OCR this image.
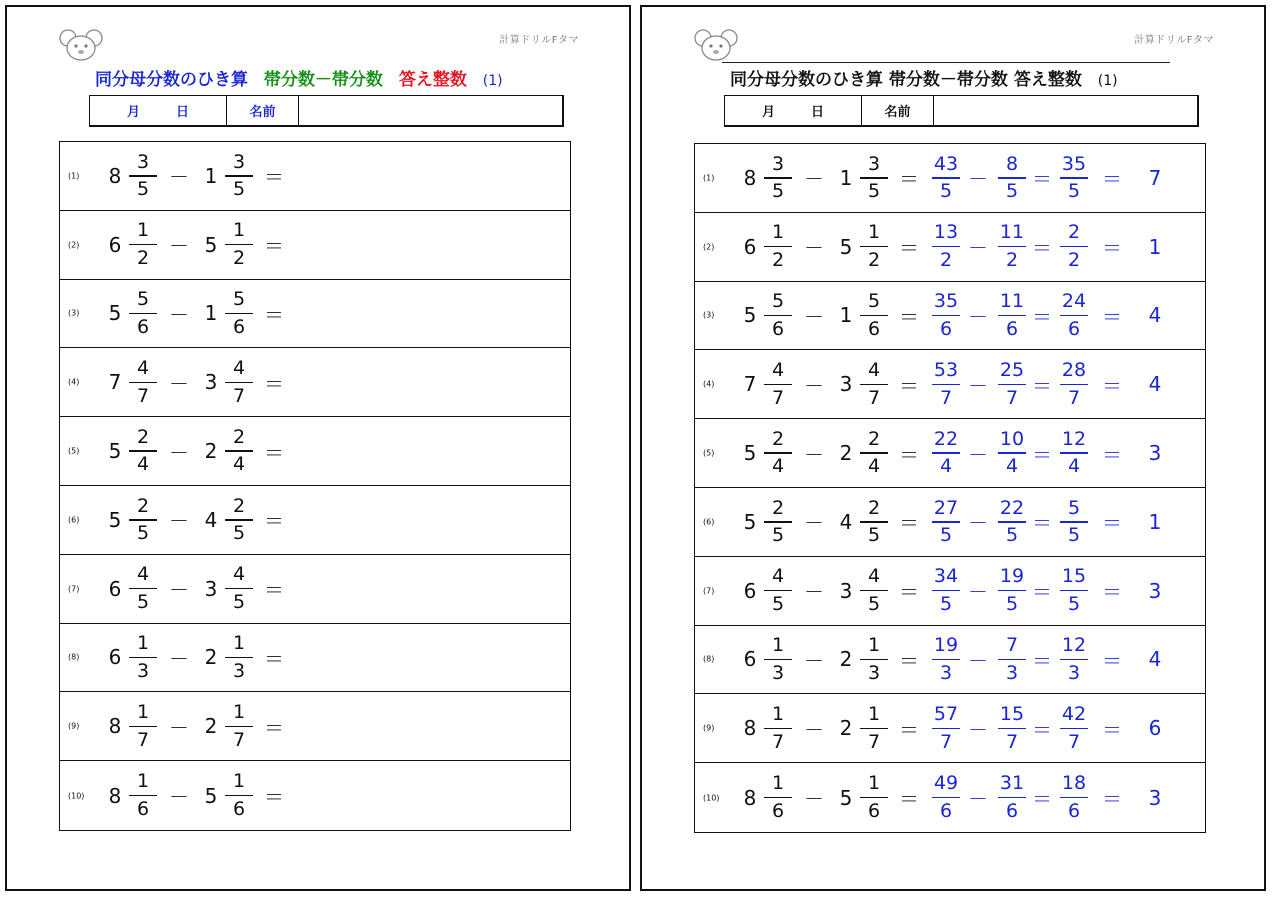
計算ドリルFタマ
同分母分数のひき算 帯分数－帯分数 答え整数 (1)
月	日	名前
(1) $8 \frac{3}{5} - 1 \frac{3}{5}$ ＝
(2) $6 \frac{1}{2} - 5 \frac{1}{2}$ ＝
(3) $5 \frac{5}{6} - 1 \frac{5}{6}$ ＝
(4) $7 \frac{4}{7} - 3 \frac{4}{7}$ ＝
(5) $5 \frac{2}{4} - 2 \frac{2}{4}$ ＝
(6) $5 \frac{2}{5} - 4 \frac{2}{5}$ ＝
(7) $6 \frac{4}{5} - 3 \frac{4}{5}$ ＝
(8) $6 \frac{1}{3} - 2 \frac{1}{3}$ ＝
(9) $8 \frac{1}{7} - 2 \frac{1}{7}$ ＝
(10) $8 \frac{1}{6} - 5 \frac{1}{6}$ ＝
計算ドリルFタマ
同分母分数のひき算 帯分数－帯分数 答え整数 (1)
月	日	名前
(1) $8 \frac{3}{5} - 1 \frac{3}{5} = \frac{43}{5} - \frac{8}{5} = \frac{35}{5}$ ＝	7
(2) $6 \frac{1}{2} - 5 \frac{1}{2} = \frac{13}{2} - \frac{11}{2} = \frac{2}{2}$ ＝	1
(3) $5 \frac{5}{6} - 1 \frac{5}{6} = \frac{35}{6} - \frac{11}{6} = \frac{24}{6}$ ＝	4
(4) $7 \frac{4}{7} - 3 \frac{4}{7} = \frac{53}{7} - \frac{25}{7} = \frac{28}{7}$ ＝	4
(5) $5 \frac{2}{4} - 2 \frac{2}{4} = \frac{22}{4} - \frac{10}{4} = \frac{12}{4}$ ＝	3
(6) $5 \frac{2}{5} - 4 \frac{2}{5} = \frac{27}{5} - \frac{22}{5} = \frac{5}{5}$ ＝	1
(7) $6 \frac{4}{5} - 3 \frac{4}{5} = \frac{34}{5} - \frac{19}{5} = \frac{15}{5}$ ＝	3
(8) $6 \frac{1}{3} - 2 \frac{1}{3} = \frac{19}{3} - \frac{7}{3} = \frac{12}{3}$ ＝	4
(9) $8 \frac{1}{7} - 2 \frac{1}{7} = \frac{57}{7} - \frac{15}{7} = \frac{42}{7}$ ＝	6
(10) $8 \frac{1}{6} - 5 \frac{1}{6} = \frac{49}{6} - \frac{31}{6} = \frac{18}{6}$ ＝	3
